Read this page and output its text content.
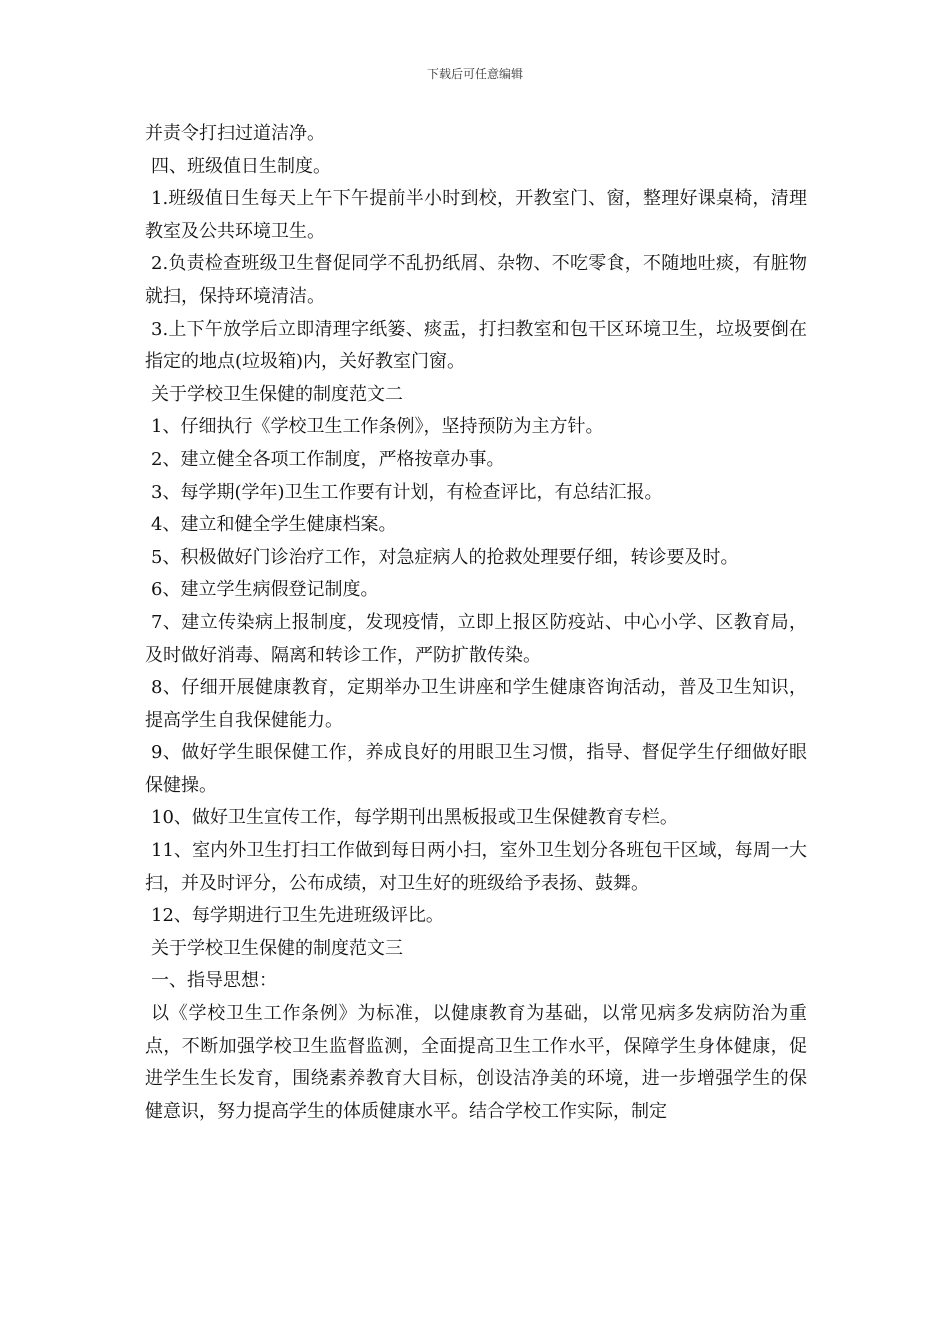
下载后可任意编辑

并责令打扫过道洁净。

四、班级值日生制度。

1.班级值日生每天上午下午提前半小时到校，开教室门、窗，整理好课桌椅，清理教室及公共环境卫生。

2.负责检查班级卫生督促同学不乱扔纸屑、杂物、不吃零食，不随地吐痰，有脏物就扫，保持环境清洁。

3.上下午放学后立即清理字纸篓、痰盂，打扫教室和包干区环境卫生，垃圾要倒在指定的地点(垃圾箱)内，关好教室门窗。

关于学校卫生保健的制度范文二

1、仔细执行《学校卫生工作条例》，坚持预防为主方针。

2、建立健全各项工作制度，严格按章办事。

3、每学期(学年)卫生工作要有计划，有检查评比，有总结汇报。

4、建立和健全学生健康档案。

5、积极做好门诊治疗工作，对急症病人的抢救处理要仔细，转诊要及时。

6、建立学生病假登记制度。

7、建立传染病上报制度，发现疫情，立即上报区防疫站、中心小学、区教育局，及时做好消毒、隔离和转诊工作，严防扩散传染。

8、仔细开展健康教育，定期举办卫生讲座和学生健康咨询活动，普及卫生知识，提高学生自我保健能力。

9、做好学生眼保健工作，养成良好的用眼卫生习惯，指导、督促学生仔细做好眼保健操。

10、做好卫生宣传工作，每学期刊出黑板报或卫生保健教育专栏。

11、室内外卫生打扫工作做到每日两小扫，室外卫生划分各班包干区域，每周一大扫，并及时评分，公布成绩，对卫生好的班级给予表扬、鼓舞。

12、每学期进行卫生先进班级评比。

关于学校卫生保健的制度范文三

一、指导思想：

以《学校卫生工作条例》为标准，以健康教育为基础，以常见病多发病防治为重点，不断加强学校卫生监督监测，全面提高卫生工作水平，保障学生身体健康，促进学生生长发育，围绕素养教育大目标，创设洁净美的环境，进一步增强学生的保健意识，努力提高学生的体质健康水平。结合学校工作实际，制定
